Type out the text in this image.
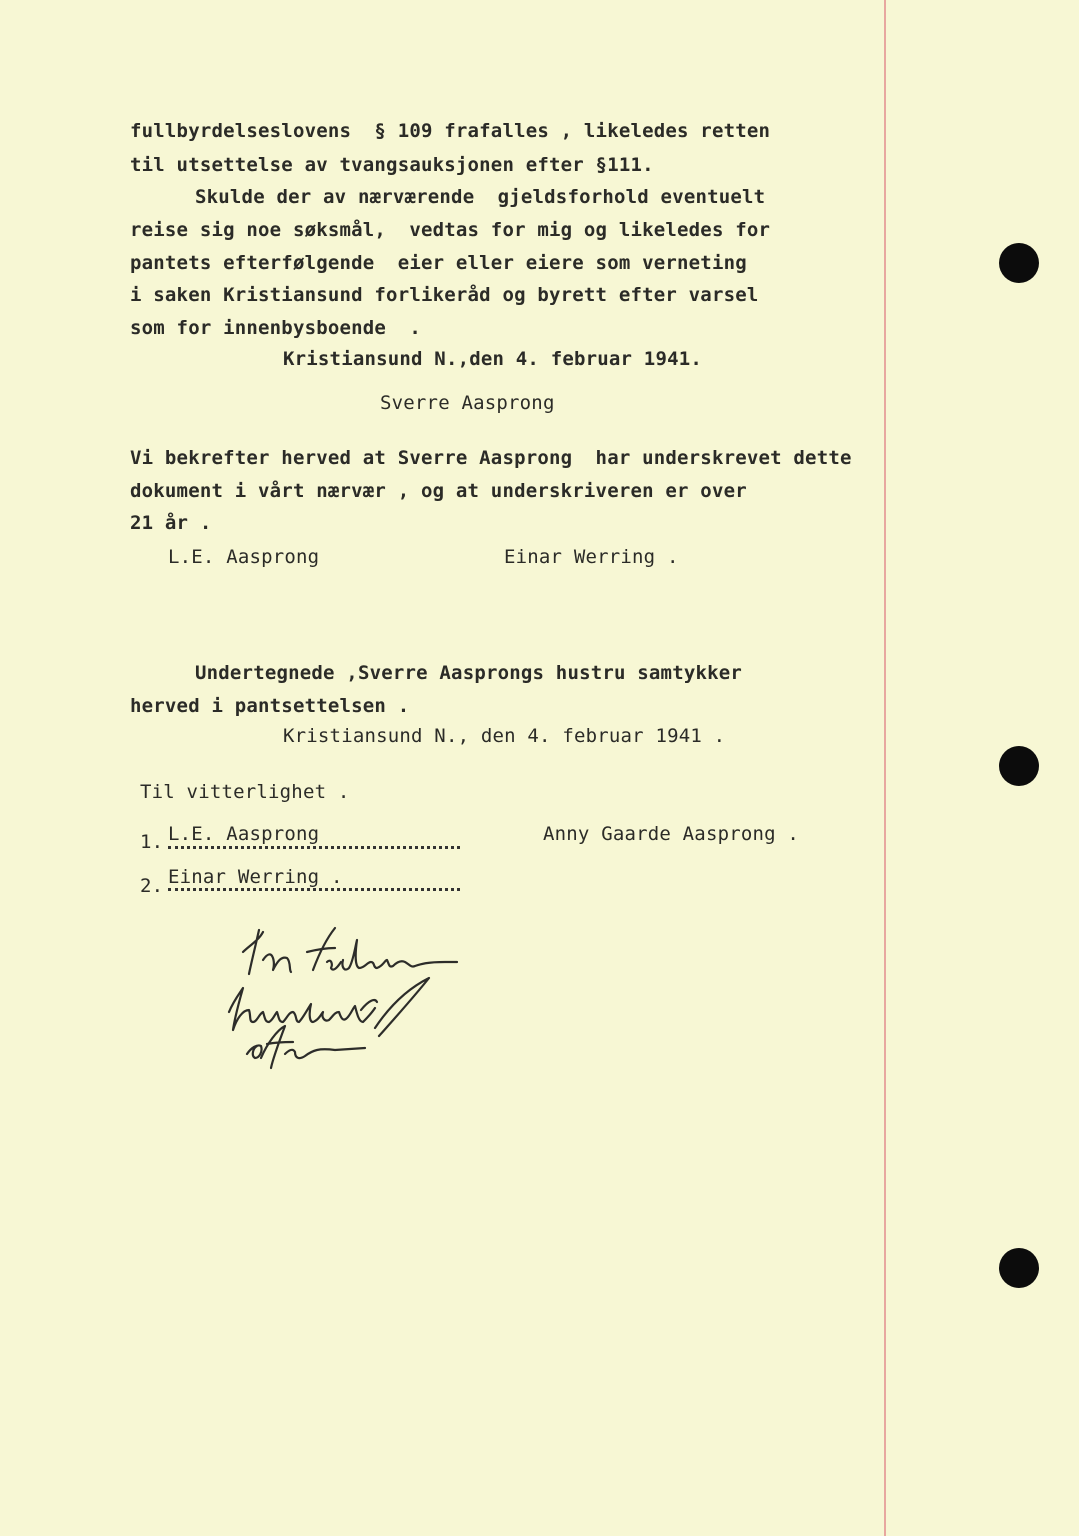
fullbyrdelseslovens  § 109 frafalles , likeledes retten
til utsettelse av tvangsauksjonen efter §111.
Skulde der av nærværende  gjeldsforhold eventuelt
reise sig noe søksmål,  vedtas for mig og likeledes for
pantets efterfølgende  eier eller eiere som verneting
i saken Kristiansund forlikeråd og byrett efter varsel
som for innenbysboende  .
Kristiansund N.,den 4. februar 1941.
Sverre Aasprong
Vi bekrefter herved at Sverre Aasprong  har underskrevet dette
dokument i vårt nærvær , og at underskriveren er over
21 år .
L.E. Aasprong	Einar Werring .
Undertegnede ,Sverre Aasprongs hustru samtykker
herved i pantsettelsen .
Kristiansund N., den 4. februar 1941 .
Til vitterlighet .
1. L.E. Aasprong	Anny Gaarde Aasprong .
2. Einar Werring .
